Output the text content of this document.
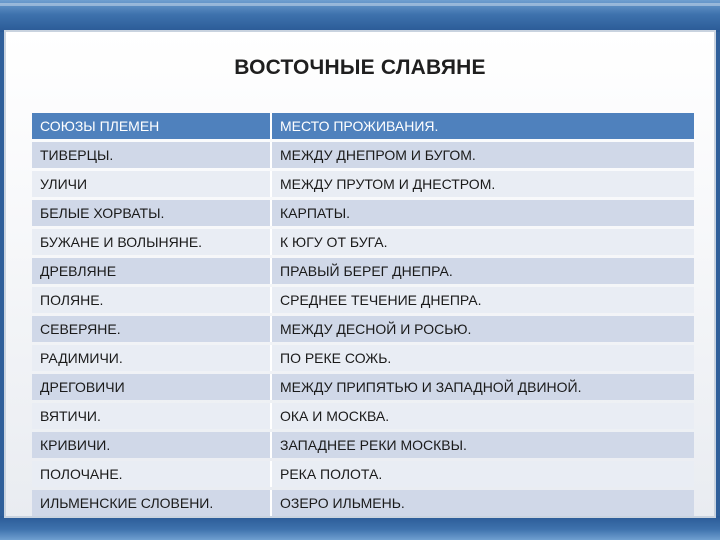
ВОСТОЧНЫЕ СЛАВЯНЕ
СОЮЗЫ ПЛЕМЕН	МЕСТО ПРОЖИВАНИЯ.
ТИВЕРЦЫ.	МЕЖДУ ДНЕПРОМ И БУГОМ.
УЛИЧИ	МЕЖДУ ПРУТОМ И ДНЕСТРОМ.
БЕЛЫЕ ХОРВАТЫ.	КАРПАТЫ.
БУЖАНЕ И ВОЛЫНЯНЕ.	К ЮГУ ОТ БУГА.
ДРЕВЛЯНЕ	ПРАВЫЙ БЕРЕГ ДНЕПРА.
ПОЛЯНЕ.	СРЕДНЕЕ ТЕЧЕНИЕ ДНЕПРА.
СЕВЕРЯНЕ.	МЕЖДУ ДЕСНОЙ И РОСЬЮ.
РАДИМИЧИ.	ПО РЕКЕ СОЖЬ.
ДРЕГОВИЧИ	МЕЖДУ ПРИПЯТЬЮ И ЗАПАДНОЙ ДВИНОЙ.
ВЯТИЧИ.	ОКА И МОСКВА.
КРИВИЧИ.	ЗАПАДНЕЕ РЕКИ МОСКВЫ.
ПОЛОЧАНЕ.	РЕКА ПОЛОТА.
ИЛЬМЕНСКИЕ СЛОВЕНИ.	ОЗЕРО ИЛЬМЕНЬ.
